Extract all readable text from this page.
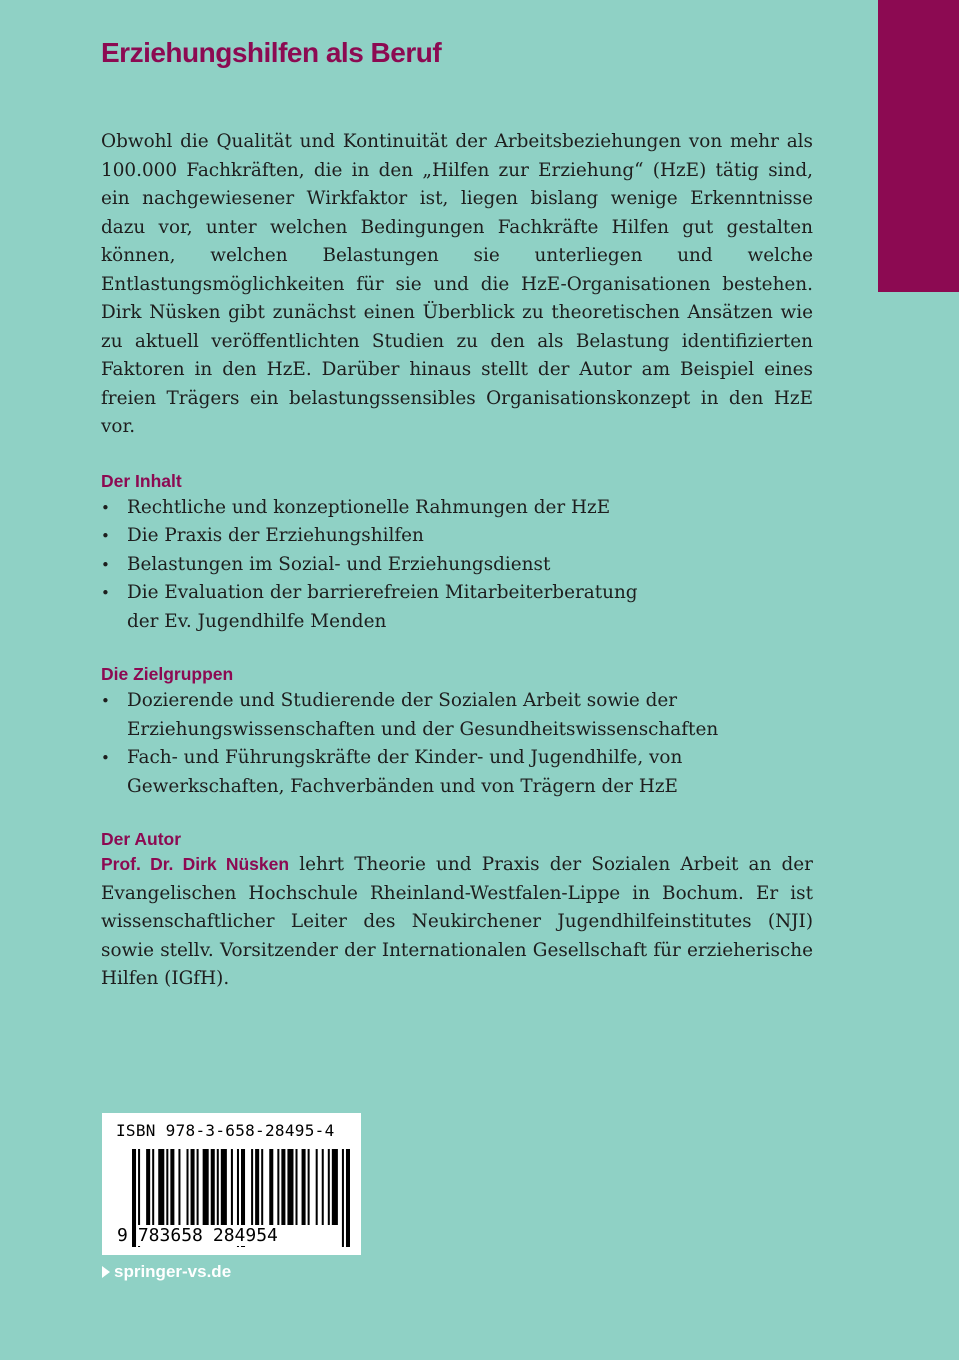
Erziehungshilfen als Beruf

Obwohl die Qualität und Kontinuität der Arbeitsbeziehungen von mehr als 100.000 Fachkräften, die in den „Hilfen zur Erziehung“ (HzE) tätig sind, ein nachgewiesener Wirkfaktor ist, liegen bislang wenige Erkenntnisse dazu vor, unter welchen Bedingungen Fachkräfte Hilfen gut gestalten können, welchen Belastungen sie unterliegen und welche Entlastungsmöglichkeiten für sie und die HzE-Organisationen bestehen. Dirk Nüsken gibt zunächst einen Überblick zu theoretischen Ansätzen wie zu aktuell veröffentlichten Studien zu den als Belastung identifizierten Faktoren in den HzE. Darüber hinaus stellt der Autor am Beispiel eines freien Trägers ein belastungssensibles Organisationskonzept in den HzE vor.

Der Inhalt
• Rechtliche und konzeptionelle Rahmungen der HzE
• Die Praxis der Erziehungshilfen
• Belastungen im Sozial- und Erziehungsdienst
• Die Evaluation der barrierefreien Mitarbeiterberatung der Ev. Jugendhilfe Menden
Die Zielgruppen
• Dozierende und Studierende der Sozialen Arbeit sowie der Erziehungswissenschaften und der Gesundheitswissenschaften
• Fach- und Führungskräfte der Kinder- und Jugendhilfe, von Gewerkschaften, Fachverbänden und von Trägern der HzE
Der Autor

Prof. Dr. Dirk Nüsken lehrt Theorie und Praxis der Sozialen Arbeit an der Evangelischen Hochschule Rheinland-Westfalen-Lippe in Bochum. Er ist wissenschaftlicher Leiter des Neukirchener Jugendhilfeinstitutes (NJI) sowie stellv. Vorsitzender der Internationalen Gesellschaft für erzieherische Hilfen (IGfH).

ISBN 978-3-658-28495-4
9 783658 284954
springer-vs.de
